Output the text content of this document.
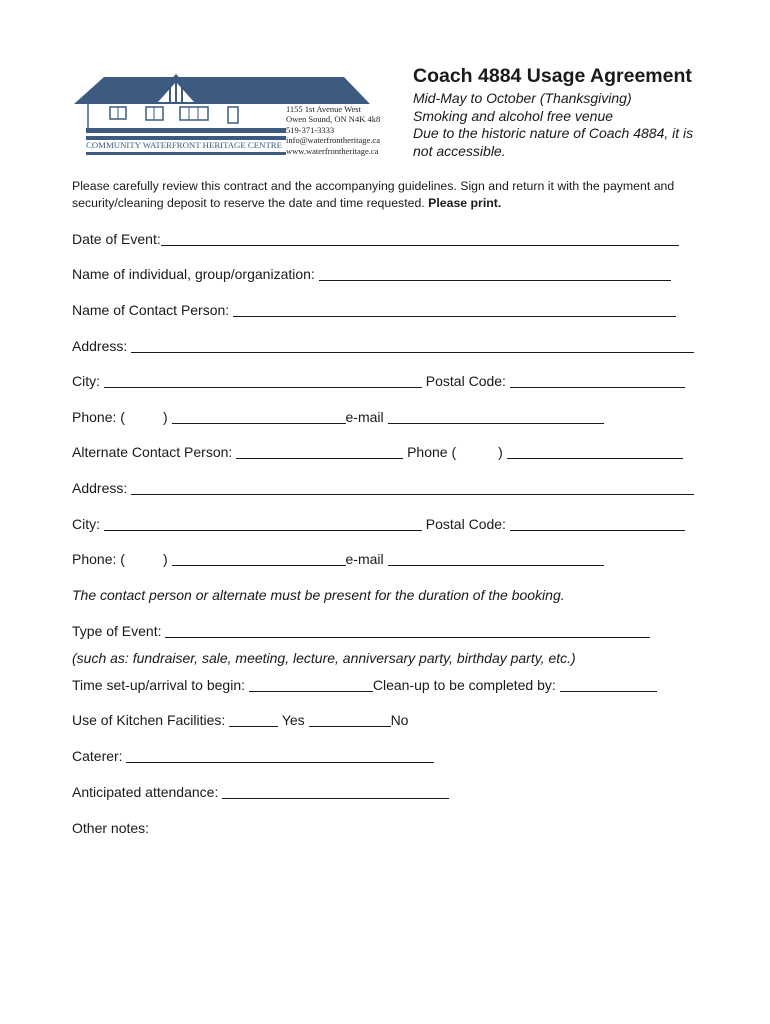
COMMUNITY WATERFRONT HERITAGE CENTRE
1155 1st Avenue West
Owen Sound, ON N4K 4k8
519-371-3333
info@waterfrontheritage.ca
www.waterfrontheritage.ca
Coach 4884 Usage Agreement
Mid-May to October (Thanksgiving)
Smoking and alcohol free venue
Due to the historic nature of Coach 4884, it is not accessible.
Please carefully review this contract and the accompanying guidelines. Sign and return it with the payment and security/cleaning deposit to reserve the date and time requested. Please print.
Date of Event:
Name of individual, group/organization:
Name of Contact Person:
Address:
City:	Postal Code:
Phone: (	)	e-mail
Alternate Contact Person:	Phone (	)
Address:
City:	Postal Code:
Phone: (	)	e-mail
The contact person or alternate must be present for the duration of the booking.
Type of Event:
(such as: fundraiser, sale, meeting, lecture, anniversary party, birthday party, etc.)
Time set-up/arrival to begin:	Clean-up to be completed by:
Use of Kitchen Facilities:	Yes	No
Caterer:
Anticipated attendance:
Other notes:
